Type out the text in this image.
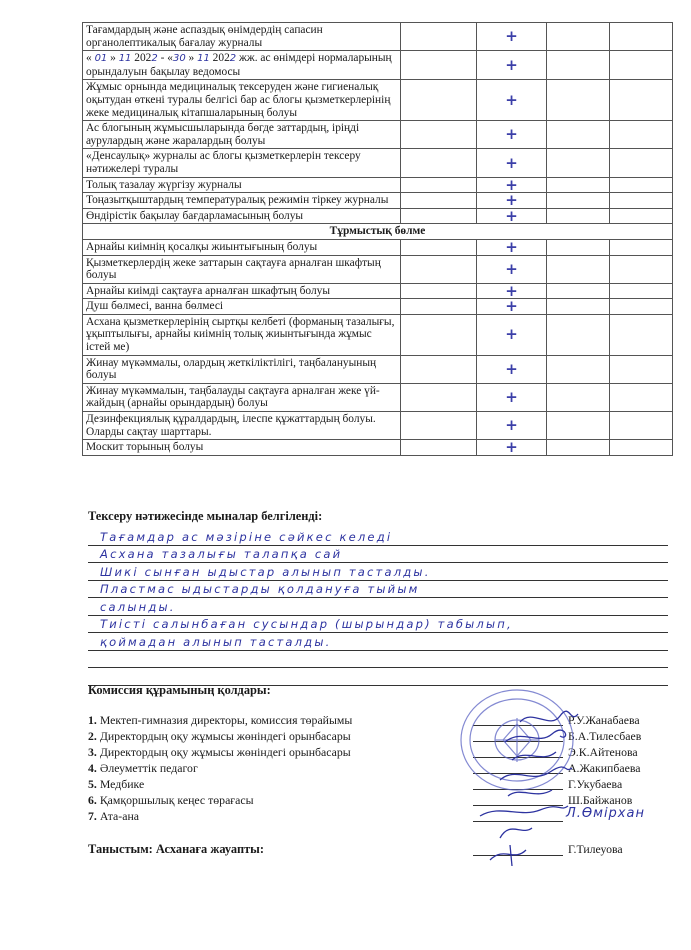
Тағамдардың және аспаздық өнімдердің сапасин органолептикалық бағалау журналы		+		
« 01 » 11 2022 - «30 » 11 2022 жж. ас өнімдері нормаларының орындалуын бақылау ведомосы		+		
Жұмыс орнында медициналық тексеруден және гигиеналық оқытудан өткені туралы белгісі бар ас блогы қызметкерлерінің жеке медициналық кітапшаларының болуы		+		
Ас блогының жұмысшыларында бөгде заттардың, іріңді аурулардың және жаралардың болуы		+		
«Денсаулық» журналы ас блогы қызметкерлерін тексеру нәтижелері туралы		+		
Толық тазалау жүргізу журналы		+		
Тоңазытқыштардың температуралық режимін тіркеу журналы		+		
Өндірістік бақылау бағдарламасының болуы		+		
Тұрмыстық бөлме				
Арнайы киімнің қосалқы жиынтығының болуы		+		
Қызметкерлердің жеке заттарын сақтауға арналған шкафтың болуы		+		
Арнайы киімді сақтауға арналған шкафтың болуы		+		
Душ бөлмесі, ванна бөлмесі		+		
Асхана қызметкерлерінің сыртқы келбеті (форманың тазалығы, ұқыптылығы, арнайы киімнің толық жиынтығында жұмыс істей ме)		+		
Жинау мүкәммалы, олардың жеткіліктілігі, таңбалануының болуы		+		
Жинау мүкәммалын, таңбалауды сақтауға арналған жеке үй-жайдың (арнайы орындардың) болуы		+		
Дезинфекциялық құралдардың, ілеспе құжаттардың болуы. Оларды сақтау шарттары.		+		
Москит торының болуы		+		
Тексеру нәтижесінде мыналар белгіленді:
Тағамдар ас мәзіріне сәйкес келеді
Асхана тазалығы талапқа сай
Шикі сынған ыдыстар алынып тасталды.
Пластмас ыдыстарды қолдануға тыйым
салынды.
Тиісті салынбаған сусындар (шырындар) табылып,
қоймадан алынып тасталды.
Комиссия құрамының қолдары:
1. Мектеп-гимназия директоры, комиссия төрайымы	Р.У.Жанабаева
2. Директордың оқу жұмысы жөніндегі орынбасары	Б.А.Тилесбаев
3. Директордың оқу жұмысы жөніндегі орынбасары	Э.К.Айтенова
4. Әлеуметтік педагог	А.Жакипбаева
5. Медбике	Г.Укубаева
6. Қамқоршылық кеңес төрағасы	Ш.Байжанов
7. Ата-ана
Таныстым: Асханаға жауапты:	Г.Тилеуова
Л.Өмірхан
